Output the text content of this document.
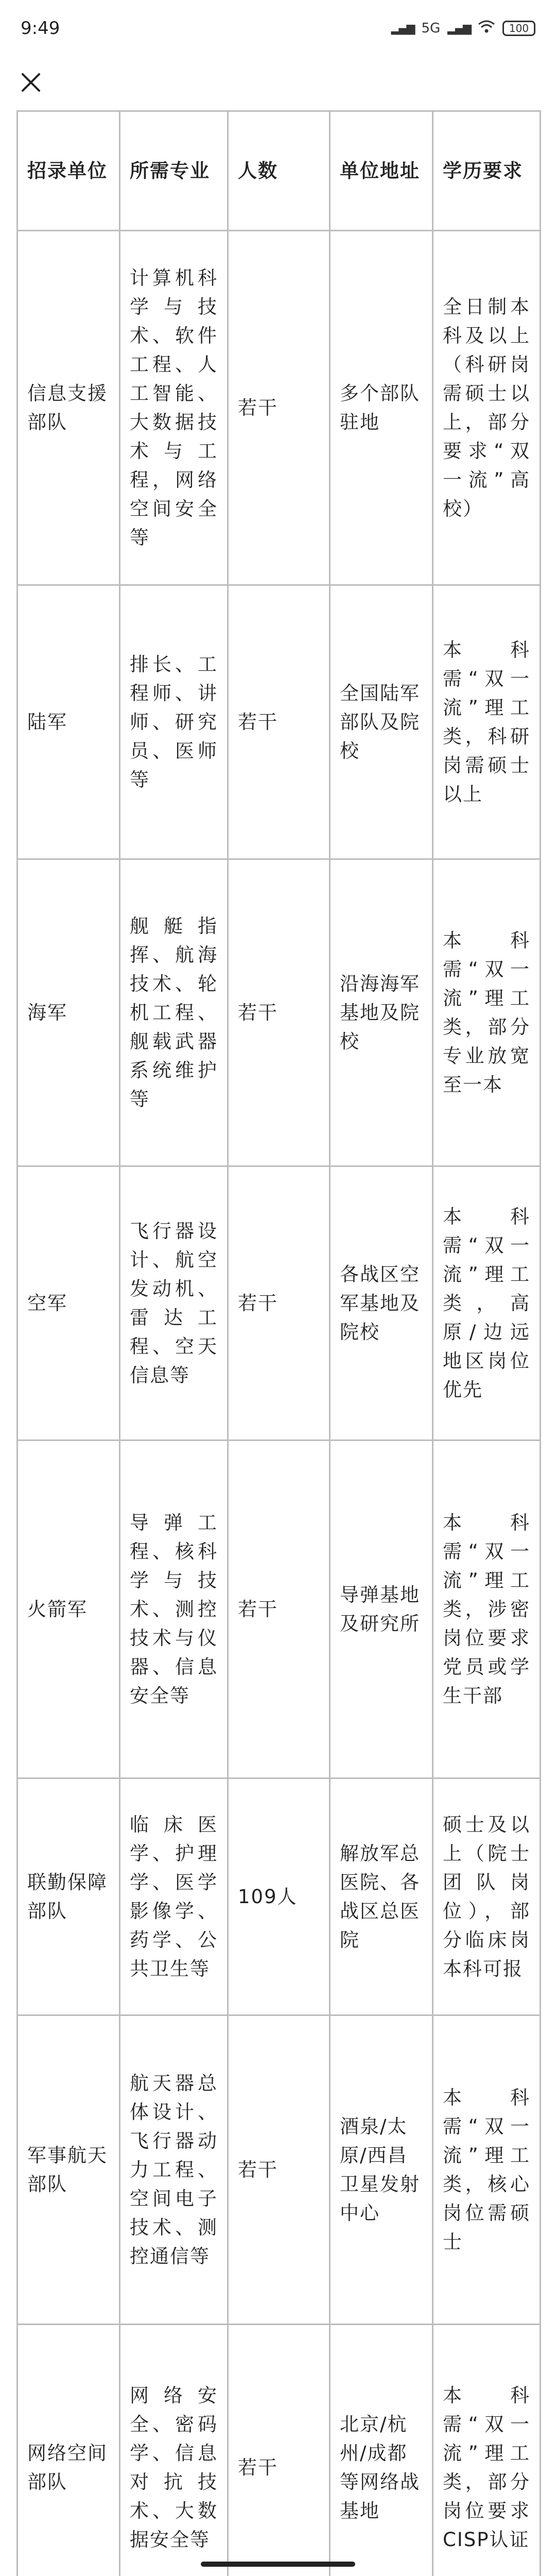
9:49	▂▄▆ 5G ▂▄▆	100
招录单位	所需专业	人数	单位地址	学历要求
信息支援部队	计算机科学与技术、软件工程、人工智能、大数据技术与工程，网络空间安全等	若干	多个部队驻地	全日制本科及以上（科研岗需硕士以上，部分要求“双一流”高校）
陆军	排长、工程师、讲师、研究员、医师等	若干	全国陆军部队及院校	本科需“双一流”理工类，科研岗需硕士以上
海军	舰艇指挥、航海技术、轮机工程、舰载武器系统维护等	若干	沿海海军基地及院校	本科需“双一流”理工类，部分专业放宽至一本
空军	飞行器设计、航空发动机、雷达工程、空天信息等	若干	各战区空军基地及院校	本科需“双一流”理工类，高原/边远地区岗位优先
火箭军	导弹工程、核科学与技术、测控技术与仪器、信息安全等	若干	导弹基地及研究所	本科需“双一流”理工类，涉密岗位要求党员或学生干部
联勤保障部队	临床医学、护理学、医学影像学、药学、公共卫生等	109人	解放军总医院、各战区总医院	硕士及以上（院士团队岗位），部分临床岗本科可报
军事航天部队	航天器总体设计、飞行器动力工程、空间电子技术、测控通信等	若干	酒泉/太原/西昌卫星发射中心	本科需“双一流”理工类，核心岗位需硕士
网络空间部队	网络安全、密码学、信息对抗技术、大数据安全等	若干	北京/杭州/成都等网络战基地	本科需“双一流”理工类，部分岗位要求CISP认证
